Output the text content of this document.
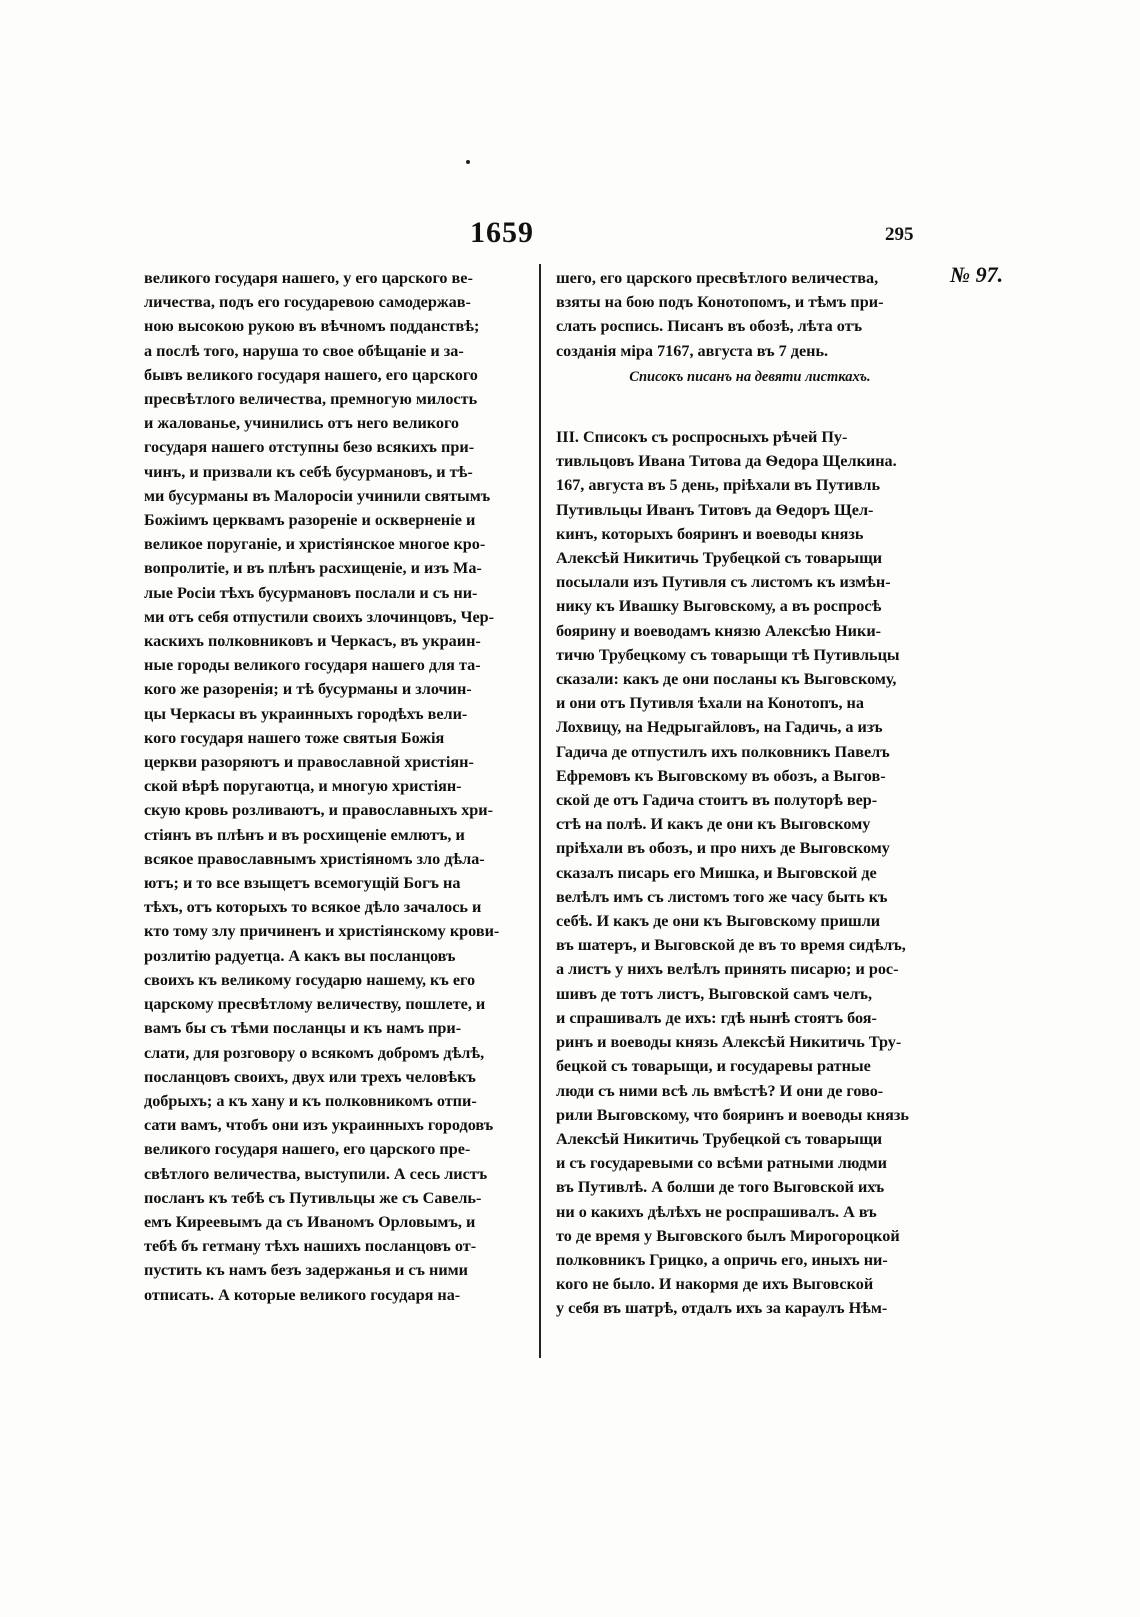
1659	295
№ 97.
великого государя нашего, у его царского ве-
личества, подъ его государевою самодержав-
ною высокою рукою въ вѣчномъ подданствѣ;
а послѣ того, наруша то свое обѣщаніе и за-
бывъ великого государя нашего, его царского
пресвѣтлого величества, премногую милость
и жалованье, учинились отъ него великого
государя нашего отступны безо всякихъ при-
чинъ, и призвали къ себѣ бусурмановъ, и тѣ-
ми бусурманы въ Малоросіи учинили святымъ
Божіимъ церквамъ разореніе и оскверненіе и
великое поруганіе, и христіянское многое кро-
вопролитіе, и въ плѣнъ расхищеніе, и изъ Ма-
лые Росіи тѣхъ бусурмановъ послали и съ ни-
ми отъ себя отпустили своихъ злочинцовъ, Чер-
каскихъ полковниковъ и Черкасъ, въ украин-
ные городы великого государя нашего для та-
кого же разоренія; и тѣ бусурманы и злочин-
цы Черкасы въ украинныхъ городѣхъ вели-
кого государя нашего тоже святыя Божія
церкви разоряютъ и православной христіян-
ской вѣрѣ поругаютца, и многую христіян-
скую кровь розливаютъ, и православныхъ хри-
стіянъ въ плѣнъ и въ росхищеніе емлютъ, и
всякое православнымъ христіяномъ зло дѣла-
ютъ; и то все взыщетъ всемогущій Богъ на
тѣхъ, отъ которыхъ то всякое дѣло зачалось и
кто тому злу причиненъ и христіянскому крови-
розлитію радуетца. А какъ вы посланцовъ
своихъ къ великому государю нашему, къ его
царскому пресвѣтлому величеству, пошлете, и
вамъ бы съ тѣми посланцы и къ намъ при-
слати, для розговору о всякомъ добромъ дѣлѣ,
посланцовъ своихъ, двух или трехъ человѣкъ
добрыхъ; а къ хану и къ полковникомъ отпи-
сати вамъ, чтобъ они изъ украинныхъ городовъ
великого государя нашего, его царского пре-
свѣтлого величества, выступили. А сесь листъ
посланъ къ тебѣ съ Путивльцы же съ Савель-
емъ Киреевымъ да съ Иваномъ Орловымъ, и
тебѣ бъ гетману тѣхъ нашихъ посланцовъ от-
пустить къ намъ безъ задержанья и съ ними
отписать. А которые великого государя на-
шего, его царского пресвѣтлого величества,
взяты на бою подъ Конотопомъ, и тѣмъ при-
слать роспись. Писанъ въ обозѣ, лѣта отъ
созданія міра 7167, августа въ 7 день.
Списокъ писанъ на девяти листкахъ.
III. Списокъ съ роспросныхъ рѣчей Пу-
тивльцовъ Ивана Титова да Ѳедора Щелкина.
167, августа въ 5 день, пріѣхали въ Путивль
Путивльцы Иванъ Титовъ да Ѳедоръ Щел-
кинъ, которыхъ бояринъ и воеводы князь
Алексѣй Никитичь Трубецкой съ товарыщи
посылали изъ Путивля съ листомъ къ измѣн-
нику къ Ивашку Выговскому, а въ роспросѣ
боярину и воеводамъ князю Алексѣю Ники-
тичю Трубецкому съ товарыщи тѣ Путивльцы
сказали: какъ де они посланы къ Выговскому,
и они отъ Путивля ѣхали на Конотопъ, на
Лохвицу, на Недрыгайловъ, на Гадичь, а изъ
Гадича де отпустилъ ихъ полковникъ Павелъ
Ефремовъ къ Выговскому въ обозъ, а Выгов-
ской де отъ Гадича стоитъ въ полуторѣ вер-
стѣ на полѣ. И какъ де они къ Выговскому
пріѣхали въ обозъ, и про нихъ де Выговскому
сказалъ писарь его Мишка, и Выговской де
велѣлъ имъ съ листомъ того же часу быть къ
себѣ. И какъ де они къ Выговскому пришли
въ шатеръ, и Выговской де въ то время сидѣлъ,
а листъ у нихъ велѣлъ принять писарю; и рос-
шивъ де тотъ листъ, Выговской самъ челъ,
и спрашивалъ де ихъ: гдѣ нынѣ стоятъ боя-
ринъ и воеводы князь Алексѣй Никитичь Тру-
бецкой съ товарыщи, и государевы ратные
люди съ ними всѣ ль вмѣстѣ? И они де гово-
рили Выговскому, что бояринъ и воеводы князь
Алексѣй Никитичь Трубецкой съ товарыщи
и съ государевыми со всѣми ратными людми
въ Путивлѣ. А болши де того Выговской ихъ
ни о какихъ дѣлѣхъ не роспрашивалъ. А въ
то де время у Выговского былъ Мирогороцкой
полковникъ Грицко, а опричь его, иныхъ ни-
кого не было. И накормя де ихъ Выговской
у себя въ шатрѣ, отдалъ ихъ за караулъ Нѣм-
